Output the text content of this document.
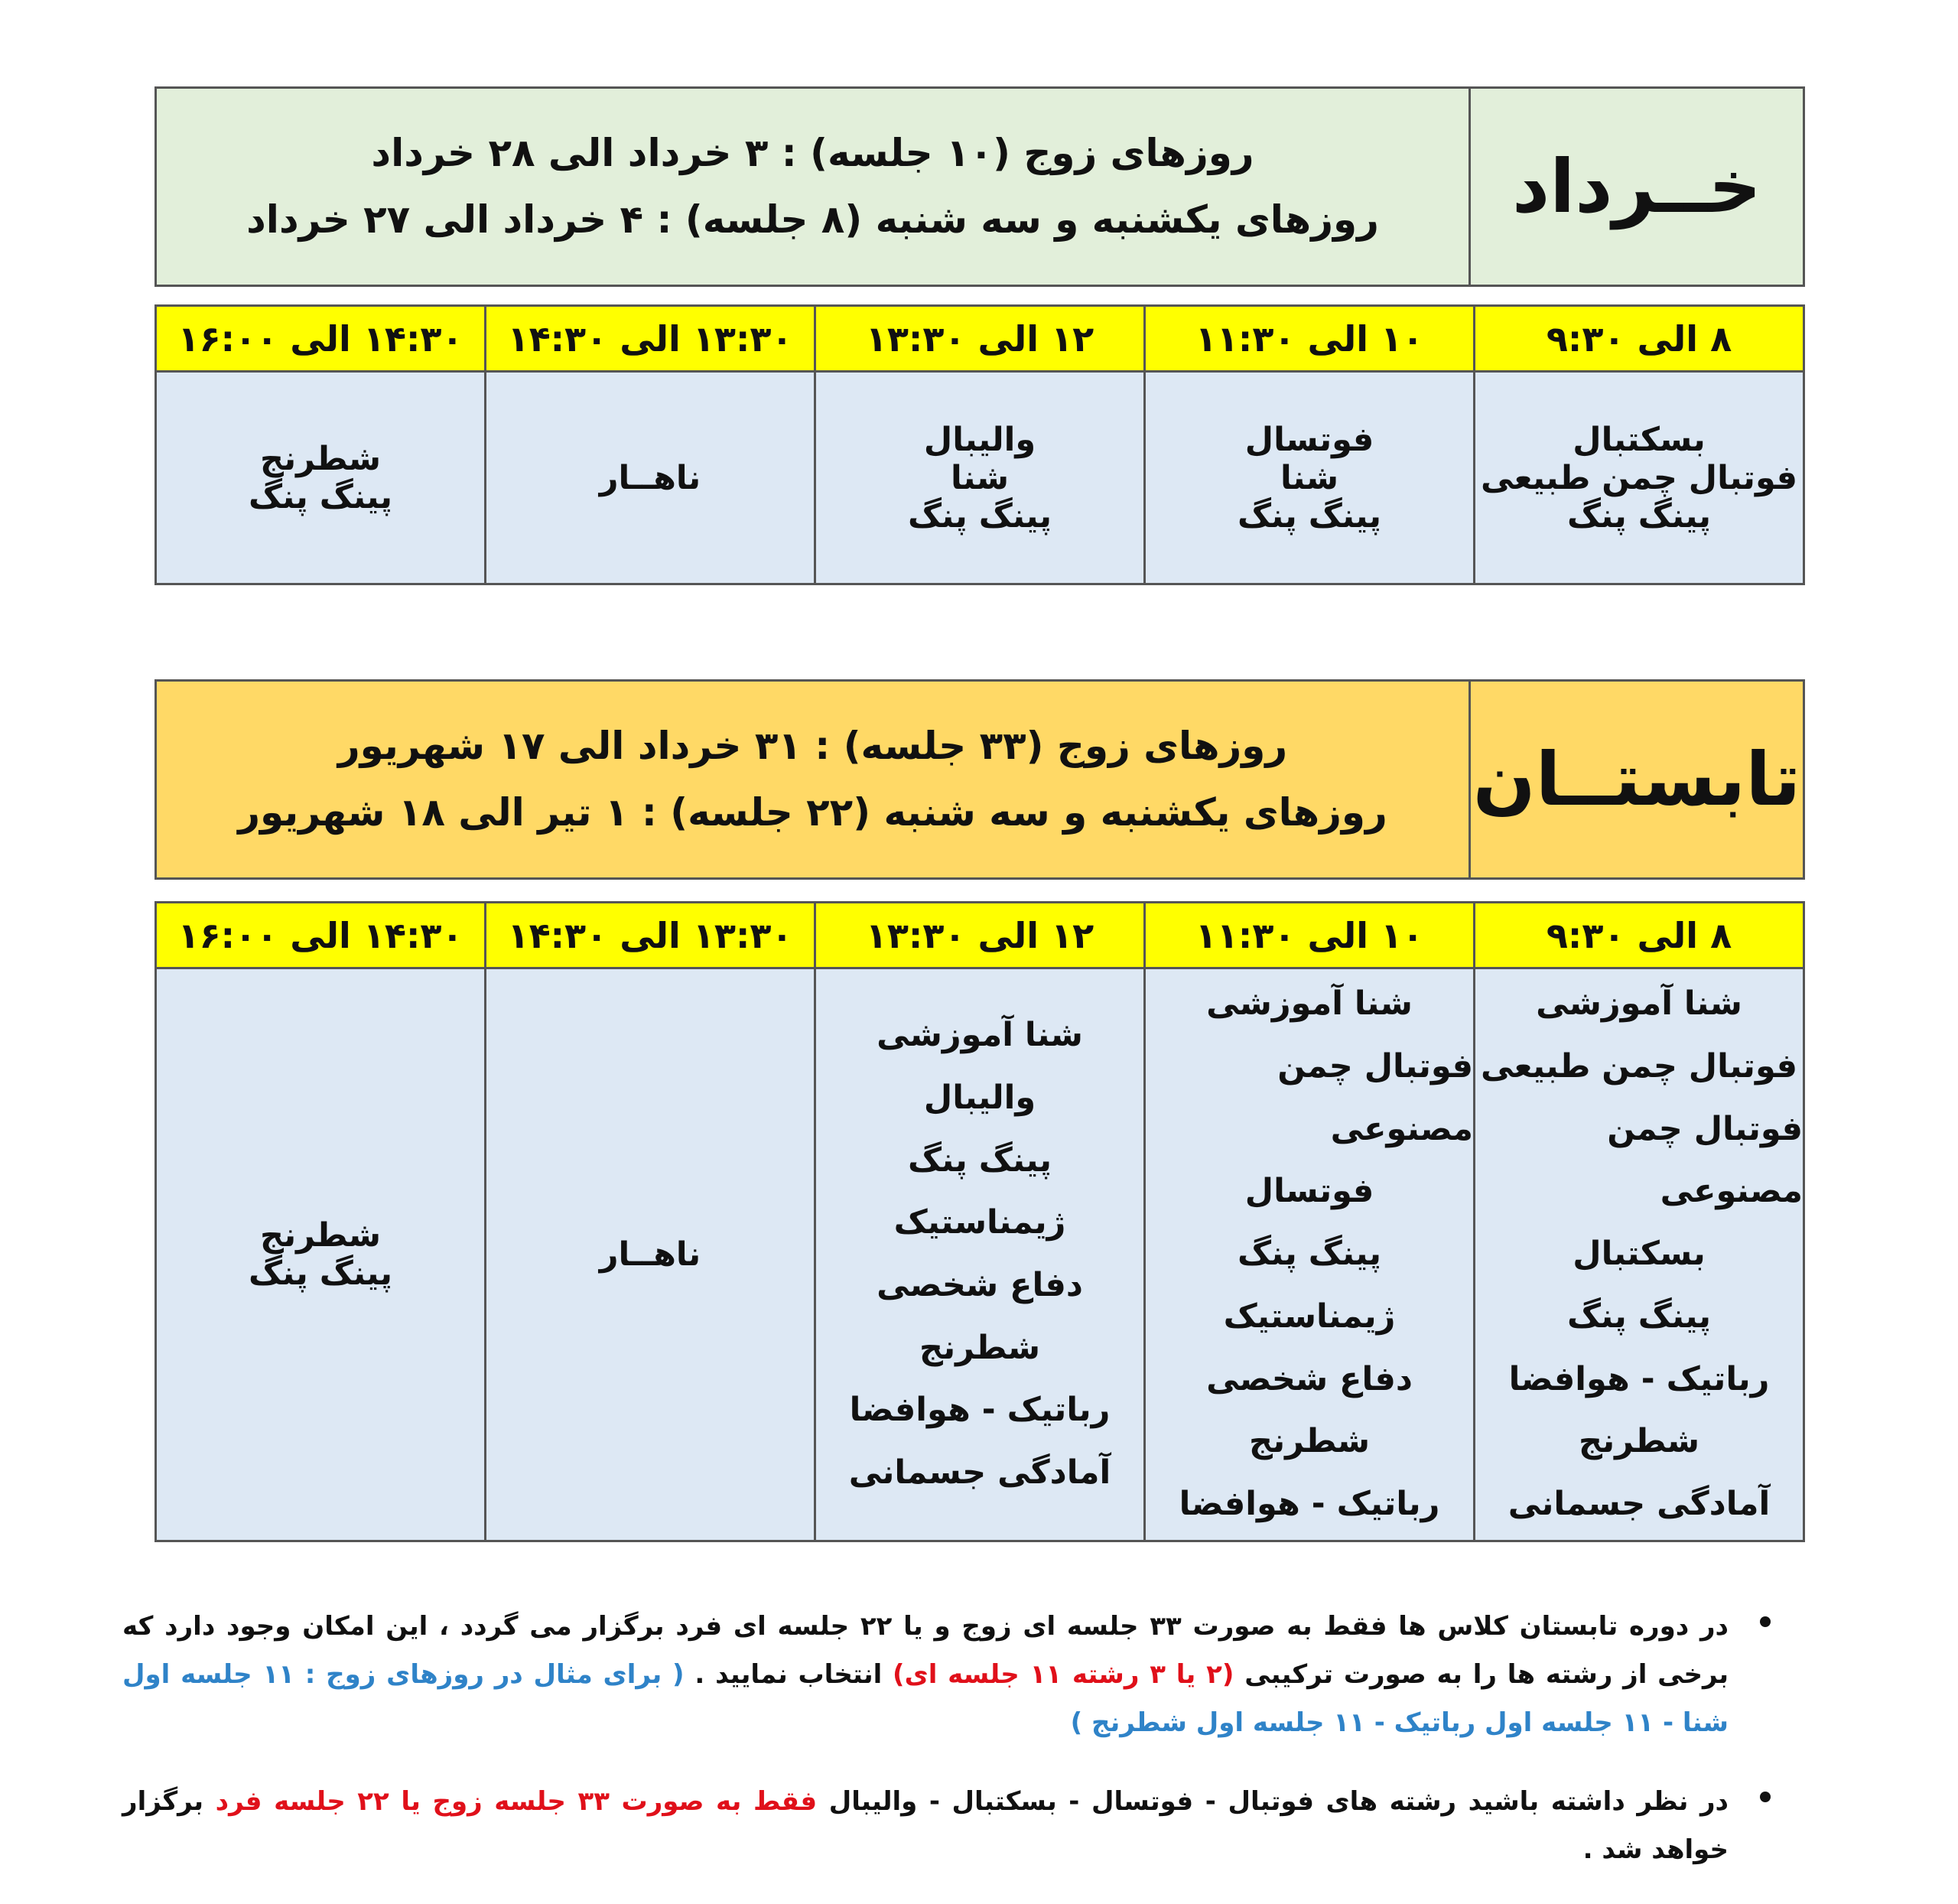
خــرداد
روزهای زوج (۱۰ جلسه) : ۳ خرداد الی ۲۸ خرداد
روزهای یکشنبه و سه شنبه (۸ جلسه) : ۴ خرداد الی ۲۷ خرداد
۸ الی ۹:۳۰
بسکتبال
فوتبال چمن طبیعی
پینگ پنگ
۱۰ الی ۱۱:۳۰
فوتسال
شنا
پینگ پنگ
۱۲ الی ۱۳:۳۰
والیبال
شنا
پینگ پنگ
۱۳:۳۰ الی ۱۴:۳۰
ناهــار
۱۴:۳۰ الی ۱۶:۰۰
شطرنج
پینگ پنگ
تابستــان
روزهای زوج (۳۳ جلسه) : ۳۱ خرداد الی ۱۷ شهریور
روزهای یکشنبه و سه شنبه (۲۲ جلسه) : ۱ تیر الی ۱۸ شهریور
۸ الی ۹:۳۰
شنا آموزشی
فوتبال چمن طبیعی
فوتبال چمن مصنوعی
بسکتبال
پینگ پنگ
رباتیک - هوافضا
شطرنج
آمادگی جسمانی
۱۰ الی ۱۱:۳۰
شنا آموزشی
فوتبال چمن مصنوعی
فوتسال
پینگ پنگ
ژیمناستیک
دفاع شخصی
شطرنج
رباتیک - هوافضا
۱۲ الی ۱۳:۳۰
شنا آموزشی
والیبال
پینگ پنگ
ژیمناستیک
دفاع شخصی
شطرنج
رباتیک - هوافضا
آمادگی جسمانی
۱۳:۳۰ الی ۱۴:۳۰
ناهــار
۱۴:۳۰ الی ۱۶:۰۰
شطرنج
پینگ پنگ
در دوره تابستان کلاس ها فقط به صورت ۳۳ جلسه ای زوج و یا ۲۲ جلسه ای فرد برگزار می گردد ، این امکان وجود دارد که برخی از رشته ها را به صورت ترکیبی (۲ یا ۳ رشته ۱۱ جلسه ای) انتخاب نمایید . ( برای مثال در روزهای زوج : ۱۱ جلسه اول شنا - ۱۱ جلسه اول رباتیک - ۱۱ جلسه اول شطرنج )
در نظر داشته باشید رشته های فوتبال - فوتسال - بسکتبال - والیبال فقط به صورت ۳۳ جلسه زوج یا ۲۲ جلسه فرد برگزار خواهد شد .
